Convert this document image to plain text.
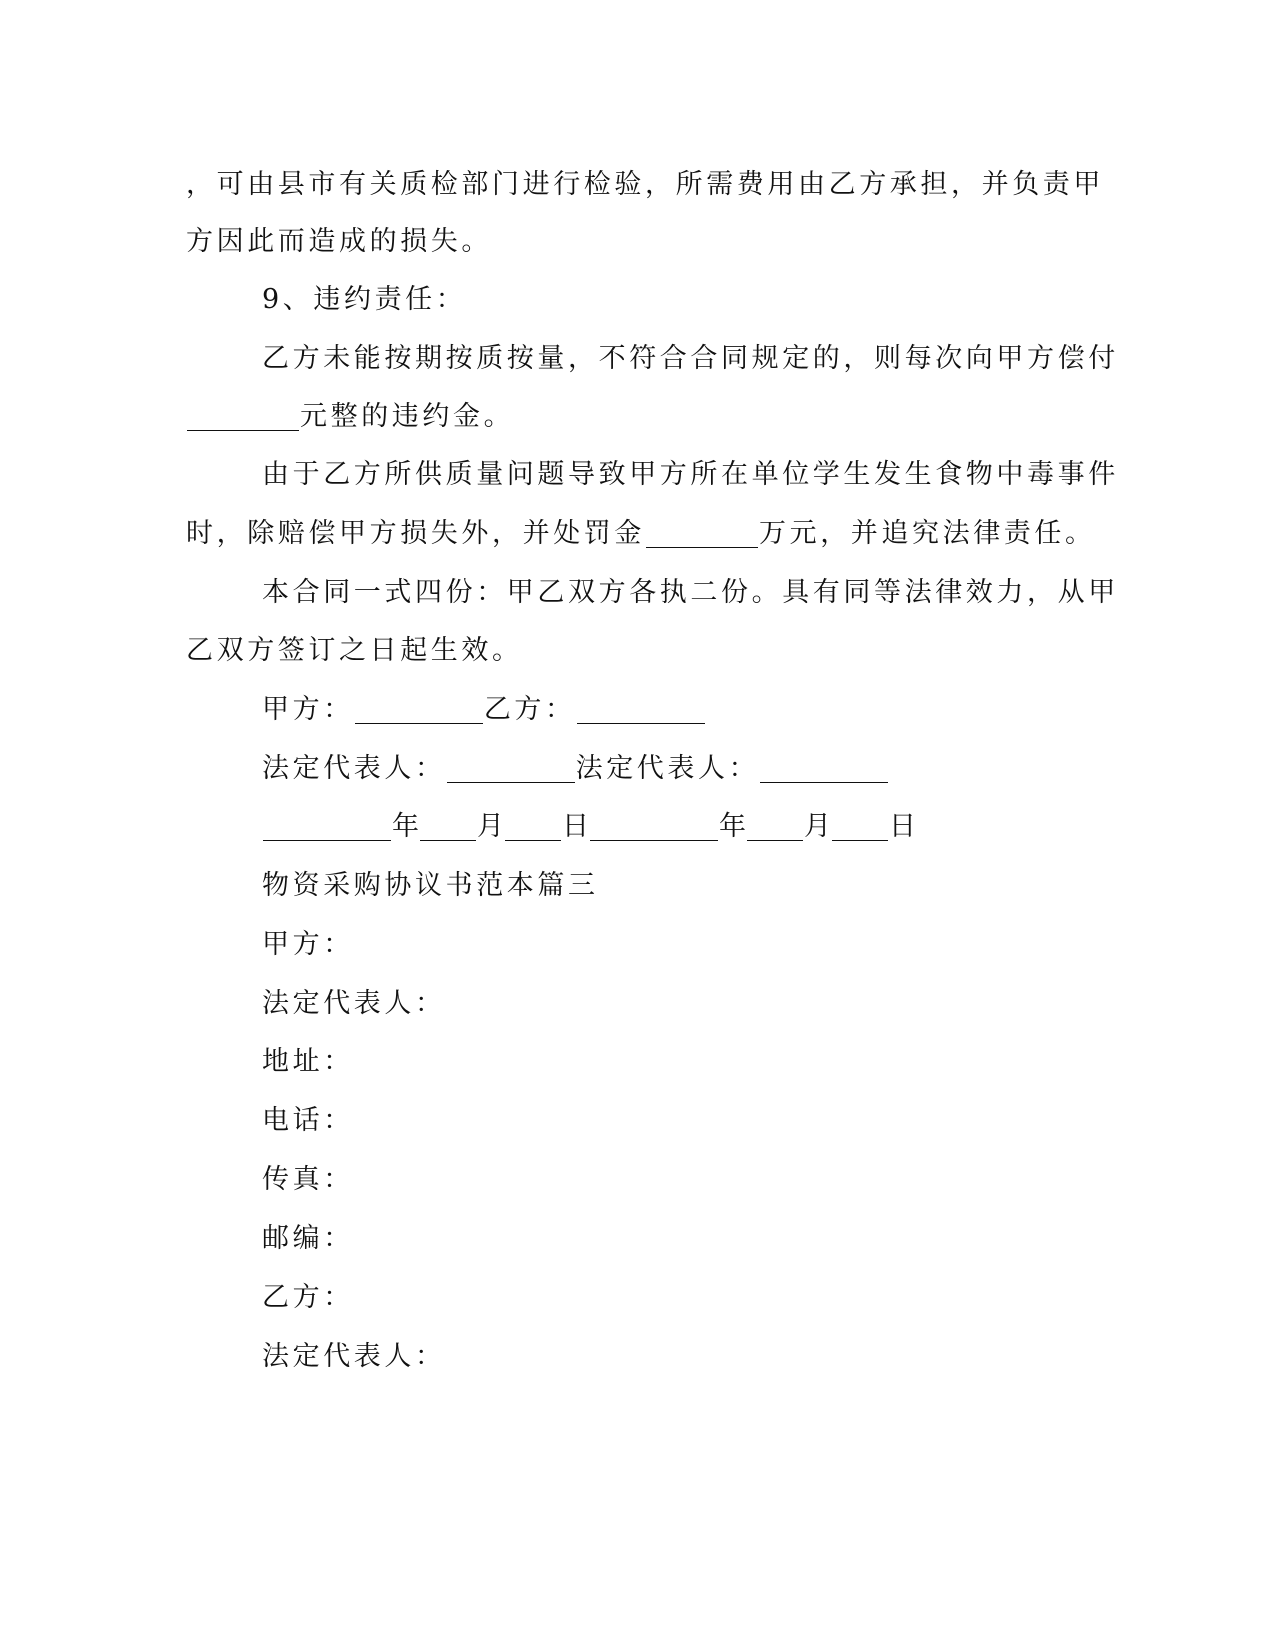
，可由县市有关质检部门进行检验，所需费用由乙方承担，并负责甲
方因此而造成的损失。
9、违约责任：
乙方未能按期按质按量，不符合合同规定的，则每次向甲方偿付
元整的违约金。
由于乙方所供质量问题导致甲方所在单位学生发生食物中毒事件
时，除赔偿甲方损失外，并处罚金	万元，并追究法律责任。
本合同一式四份：甲乙双方各执二份。具有同等法律效力，从甲
乙双方签订之日起生效。
甲方：	乙方：
法定代表人：	法定代表人：
年 月 日	年 月 日
物资采购协议书范本篇三
甲方：
法定代表人：
地址：
电话：
传真：
邮编：
乙方：
法定代表人：
